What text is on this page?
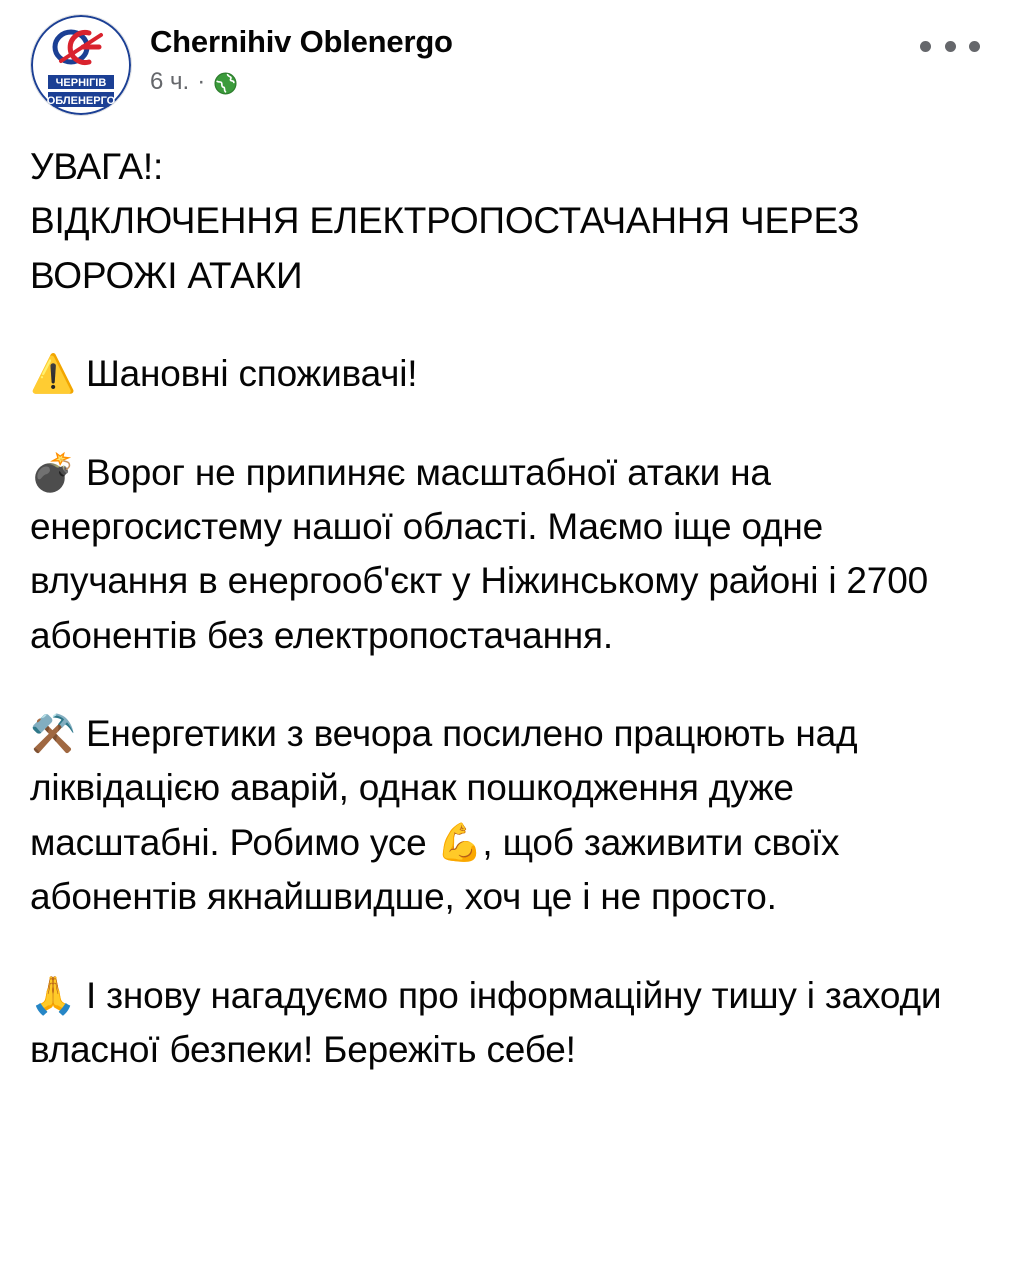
ЧЕРНІГІВ
ОБЛЕНЕРГО
Chernihiv Oblenergo
6 ч. ·

УВАГА!:

ВІДКЛЮЧЕННЯ ЕЛЕКТРОПОСТАЧАННЯ ЧЕРЕЗ ВОРОЖІ АТАКИ

⚠️ Шановні споживачі!

💣 Ворог не припиняє масштабної атаки на енергосистему нашої області. Маємо іще одне влучання в енергооб'єкт у Ніжинському районі і 2700 абонентів без електропостачання.

⚒️ Енергетики з вечора посилено працюють над ліквідацією аварій, однак пошкодження дуже масштабні. Робимо усе 💪, щоб заживити своїх абонентів якнайшвидше, хоч це і не просто.

🙏 І знову нагадуємо про інформаційну тишу і заходи власної безпеки! Бережіть себе!
